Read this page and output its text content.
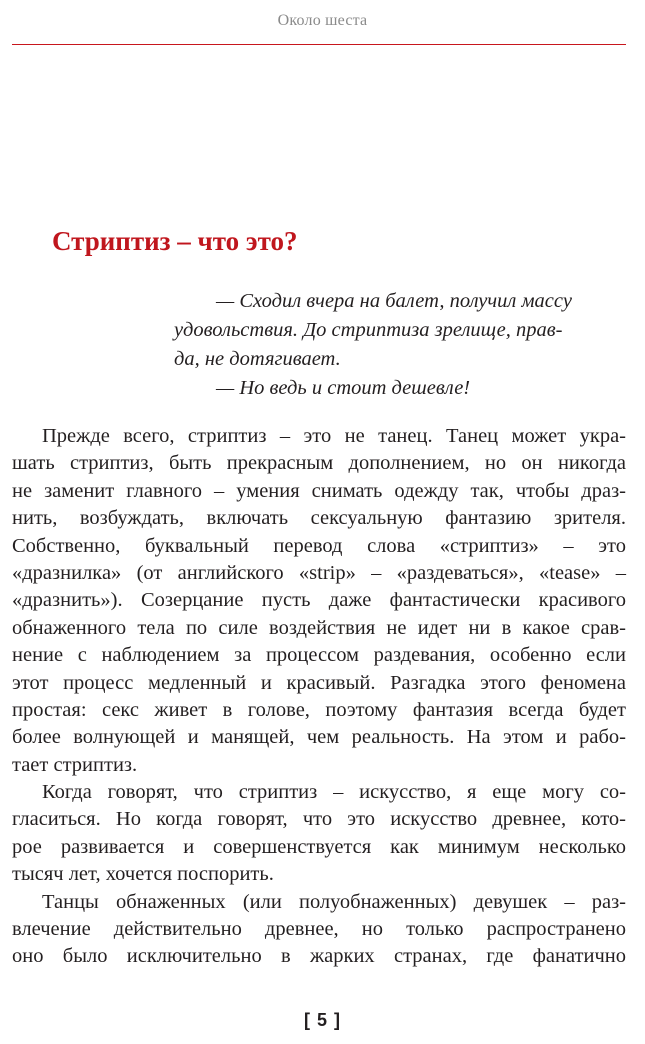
Около шеста
Стриптиз – что это?
— Сходил вчера на балет, получил массу
удовольствия. До стриптиза зрелище, прав-
да, не дотягивает.
— Но ведь и стоит дешевле!
Прежде всего, стриптиз – это не танец. Танец может укра-
шать стриптиз, быть прекрасным дополнением, но он никогда
не заменит главного – умения снимать одежду так, чтобы драз-
нить, возбуждать, включать сексуальную фантазию зрителя.
Собственно, буквальный перевод слова «стриптиз» – это
«дразнилка» (от английского «strip» – «раздеваться», «tease» –
«дразнить»). Созерцание пусть даже фантастически красивого
обнаженного тела по силе воздействия не идет ни в какое срав-
нение с наблюдением за процессом раздевания, особенно если
этот процесс медленный и красивый. Разгадка этого феномена
простая: секс живет в голове, поэтому фантазия всегда будет
более волнующей и манящей, чем реальность. На этом и рабо-
тает стриптиз.
Когда говорят, что стриптиз – искусство, я еще могу со-
гласиться. Но когда говорят, что это искусство древнее, кото-
рое развивается и совершенствуется как минимум несколько
тысяч лет, хочется поспорить.
Танцы обнаженных (или полуобнаженных) девушек – раз-
влечение действительно древнее, но только распространено
оно было исключительно в жарких странах, где фанатично
[ 5 ]
